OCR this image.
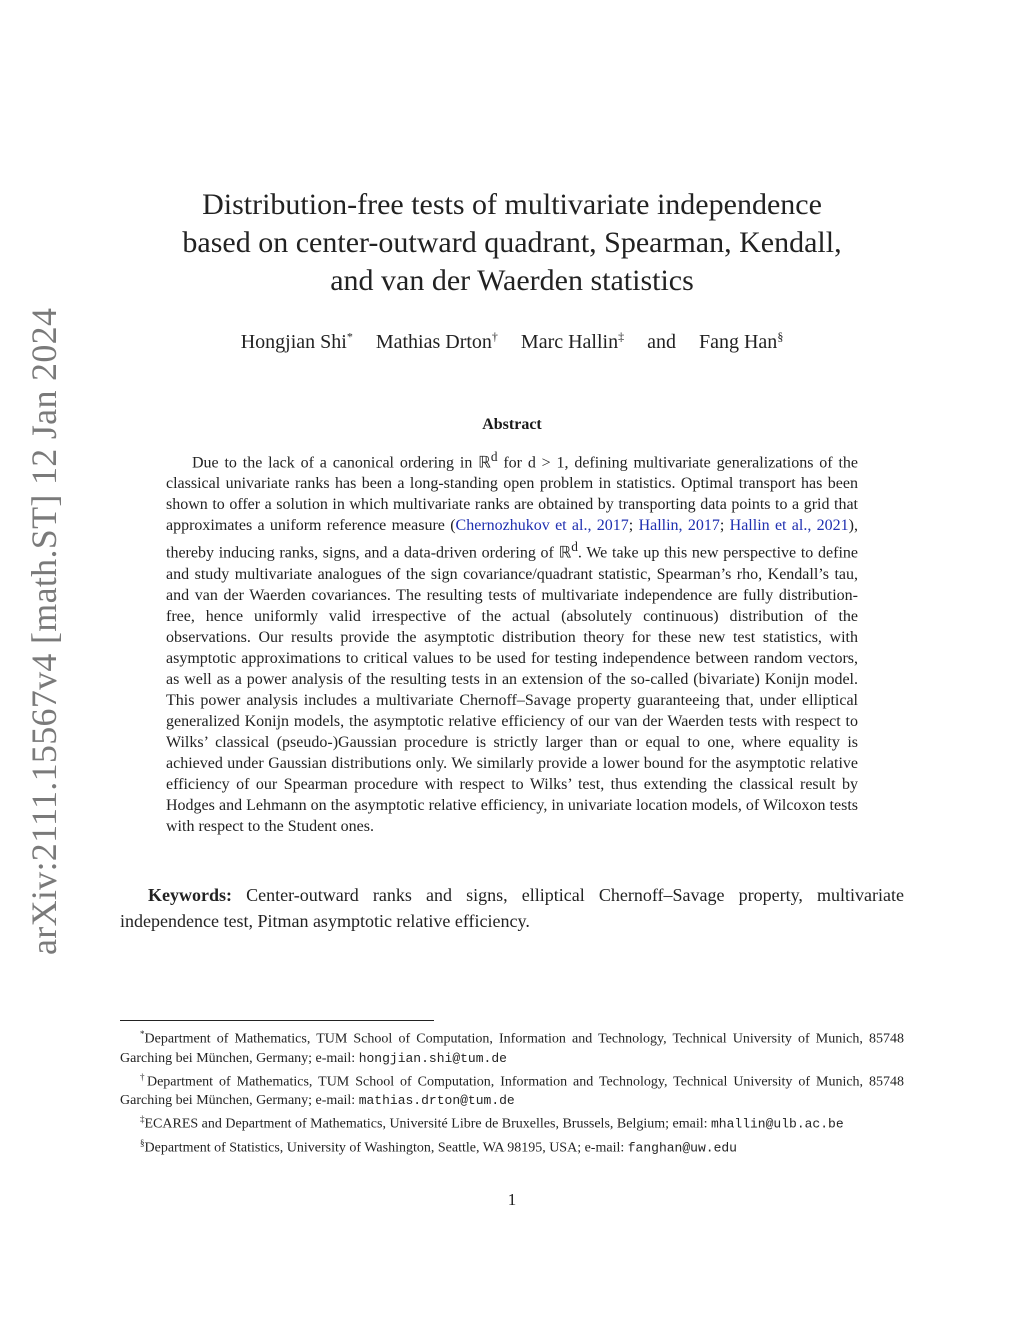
arXiv:2111.15567v4 [math.ST] 12 Jan 2024
Distribution-free tests of multivariate independence
based on center-outward quadrant, Spearman, Kendall,
and van der Waerden statistics
Hongjian Shi* Mathias Drton† Marc Hallin‡ and Fang Han§
Abstract
Due to the lack of a canonical ordering in ℝ$^d$ for d > 1, defining multivariate generalizations of the classical univariate ranks has been a long-standing open problem in statistics. Optimal transport has been shown to offer a solution in which multivariate ranks are obtained by transporting data points to a grid that approximates a uniform reference measure (Chernozhukov et al., 2017; Hallin, 2017; Hallin et al., 2021), thereby inducing ranks, signs, and a data-driven ordering of ℝ$^d$. We take up this new perspective to define and study multivariate analogues of the sign covariance/quadrant statistic, Spearman’s rho, Kendall’s tau, and van der Waerden covariances. The resulting tests of multivariate independence are fully distribution-free, hence uniformly valid irrespective of the actual (absolutely continuous) distribution of the observations. Our results provide the asymptotic distribution theory for these new test statistics, with asymptotic approximations to critical values to be used for testing independence between random vectors, as well as a power analysis of the resulting tests in an extension of the so-called (bivariate) Konijn model. This power analysis includes a multivariate Chernoff–Savage property guaranteeing that, under elliptical generalized Konijn models, the asymptotic relative efficiency of our van der Waerden tests with respect to Wilks’ classical (pseudo-)Gaussian procedure is strictly larger than or equal to one, where equality is achieved under Gaussian distributions only. We similarly provide a lower bound for the asymptotic relative efficiency of our Spearman procedure with respect to Wilks’ test, thus extending the classical result by Hodges and Lehmann on the asymptotic relative efficiency, in univariate location models, of Wilcoxon tests with respect to the Student ones.
Keywords: Center-outward ranks and signs, elliptical Chernoff–Savage property, multivariate independence test, Pitman asymptotic relative efficiency.
*Department of Mathematics, TUM School of Computation, Information and Technology, Technical University of Munich, 85748 Garching bei München, Germany; e-mail: hongjian.shi@tum.de
†Department of Mathematics, TUM School of Computation, Information and Technology, Technical University of Munich, 85748 Garching bei München, Germany; e-mail: mathias.drton@tum.de
‡ECARES and Department of Mathematics, Université Libre de Bruxelles, Brussels, Belgium; email: mhallin@ulb.ac.be
§Department of Statistics, University of Washington, Seattle, WA 98195, USA; e-mail: fanghan@uw.edu
1
